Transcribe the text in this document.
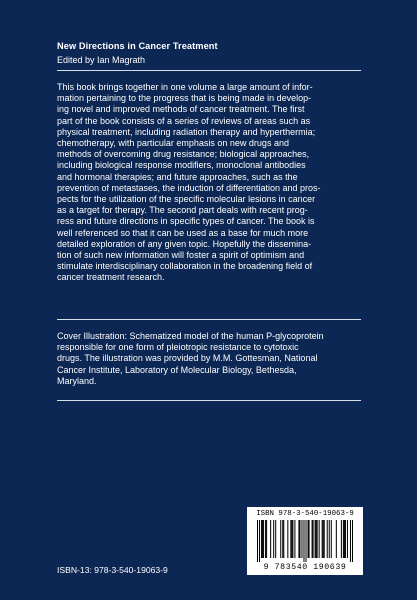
New Directions in Cancer Treatment
Edited by Ian Magrath
This book brings together in one volume a large amount of infor-
mation pertaining to the progress that is being made in develop-
ing novel and improved methods of cancer treatment. The first
part of the book consists of a series of reviews of areas such as
physical treatment, including radiation therapy and hyperthermia;
chemotherapy, with particular emphasis on new drugs and
methods of overcoming drug resistance; biological approaches,
including biological response modifiers, monoclonal antibodies
and hormonal therapies; and future approaches, such as the
prevention of metastases, the induction of differentiation and pros-
pects for the utilization of the specific molecular lesions in cancer
as a target for therapy. The second part deals with recent prog-
ress and future directions in specific types of cancer. The book is
well referenced so that it can be used as a base for much more
detailed exploration of any given topic. Hopefully the dissemina-
tion of such new information will foster a spirit of optimism and
stimulate interdisciplinary collaboration in the broadening field of
cancer treatment research.
Cover Illustration: Schematized model of the human P-glycoprotein
responsible for one form of pleiotropic resistance to cytotoxic
drugs. The illustration was provided by M.M. Gottesman, National
Cancer Institute, Laboratory of Molecular Biology, Bethesda,
Maryland.
ISBN-13: 978-3-540-19063-9
ISBN 978-3-540-19063-9
9 783540 190639
